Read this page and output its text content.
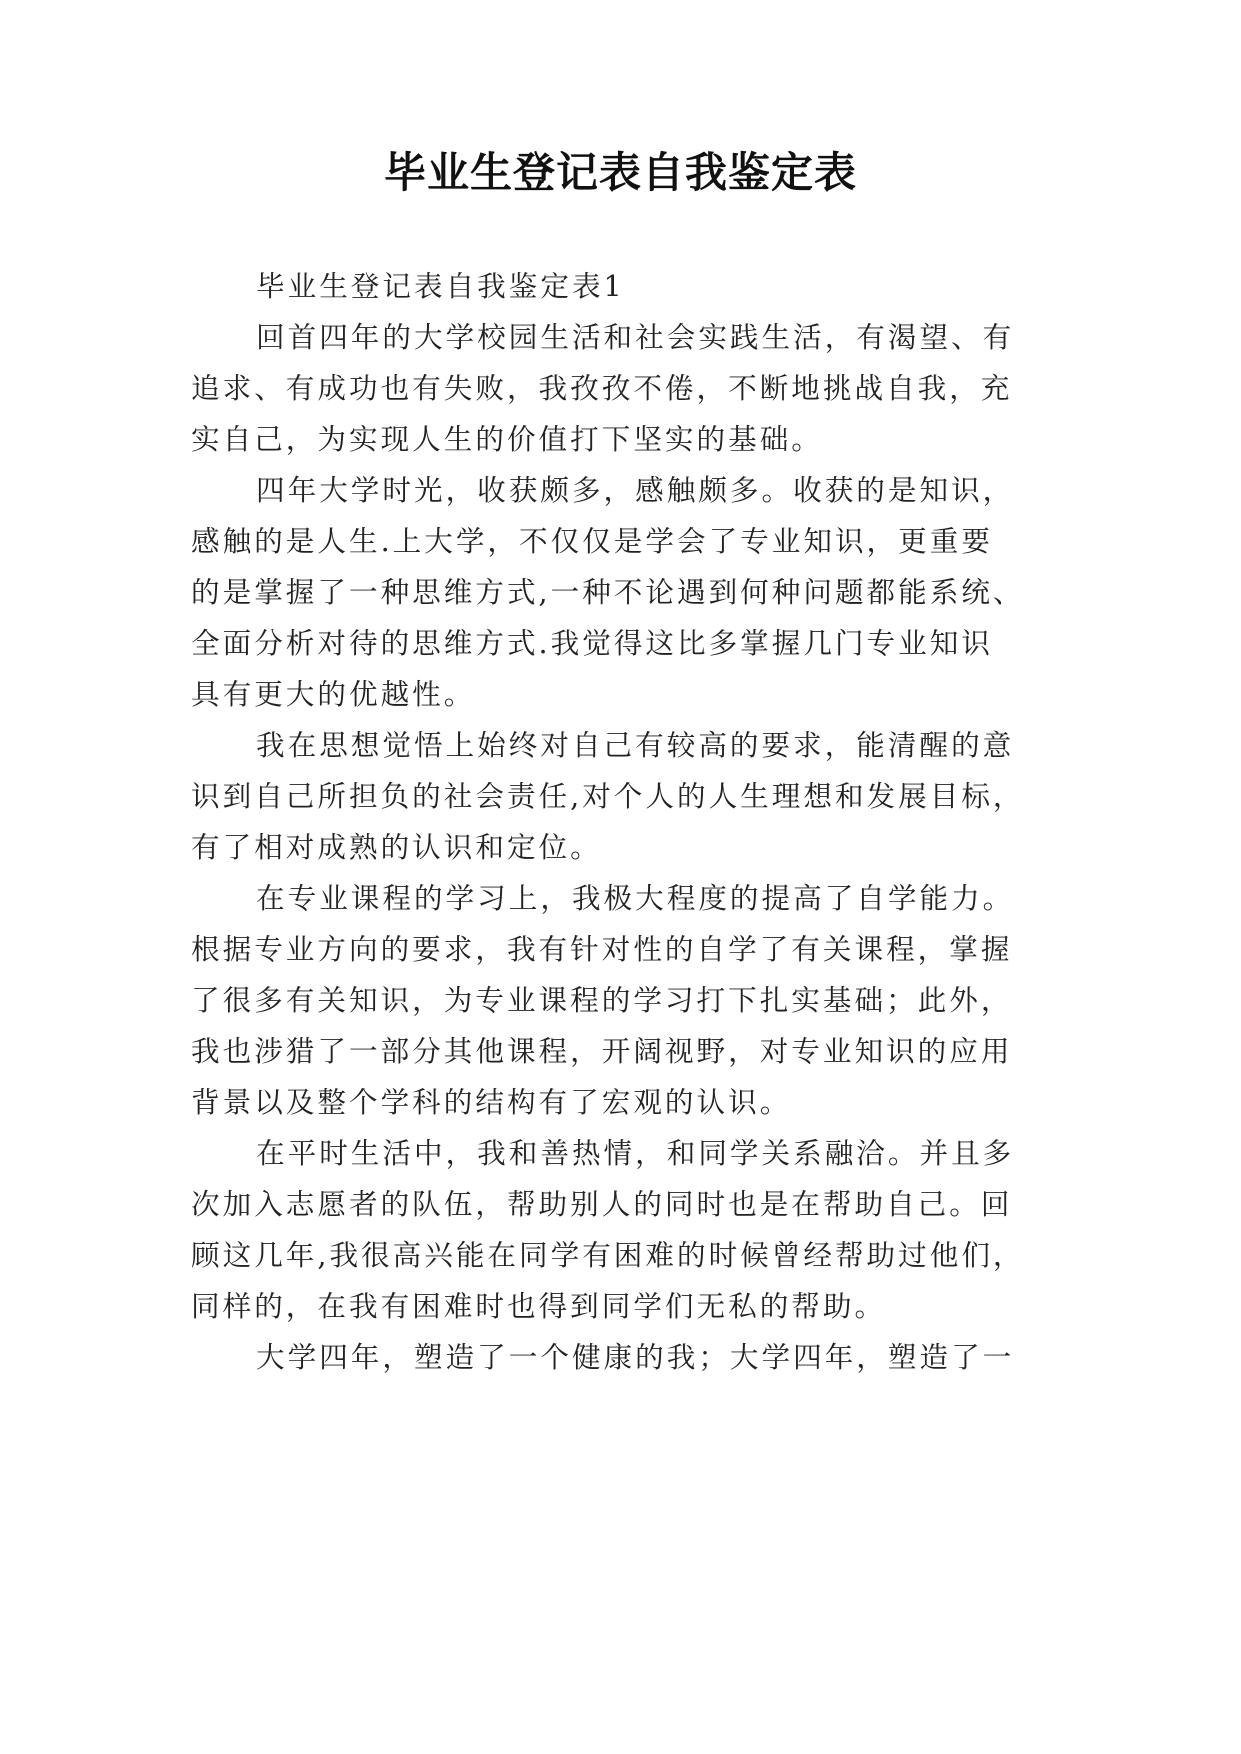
毕业生登记表自我鉴定表
毕业生登记表自我鉴定表1
回首四年的大学校园生活和社会实践生活，有渴望、有
追求、有成功也有失败，我孜孜不倦，不断地挑战自我，充
实自己，为实现人生的价值打下坚实的基础。
四年大学时光，收获颇多，感触颇多。收获的是知识，
感触的是人生.上大学，不仅仅是学会了专业知识，更重要
的是掌握了一种思维方式,一种不论遇到何种问题都能系统、
全面分析对待的思维方式.我觉得这比多掌握几门专业知识
具有更大的优越性。
我在思想觉悟上始终对自己有较高的要求，能清醒的意
识到自己所担负的社会责任,对个人的人生理想和发展目标，
有了相对成熟的认识和定位。
在专业课程的学习上，我极大程度的提高了自学能力。
根据专业方向的要求，我有针对性的自学了有关课程，掌握
了很多有关知识，为专业课程的学习打下扎实基础；此外，
我也涉猎了一部分其他课程，开阔视野，对专业知识的应用
背景以及整个学科的结构有了宏观的认识。
在平时生活中，我和善热情，和同学关系融洽。并且多
次加入志愿者的队伍，帮助别人的同时也是在帮助自己。回
顾这几年,我很高兴能在同学有困难的时候曾经帮助过他们，
同样的，在我有困难时也得到同学们无私的帮助。
大学四年，塑造了一个健康的我；大学四年，塑造了一
